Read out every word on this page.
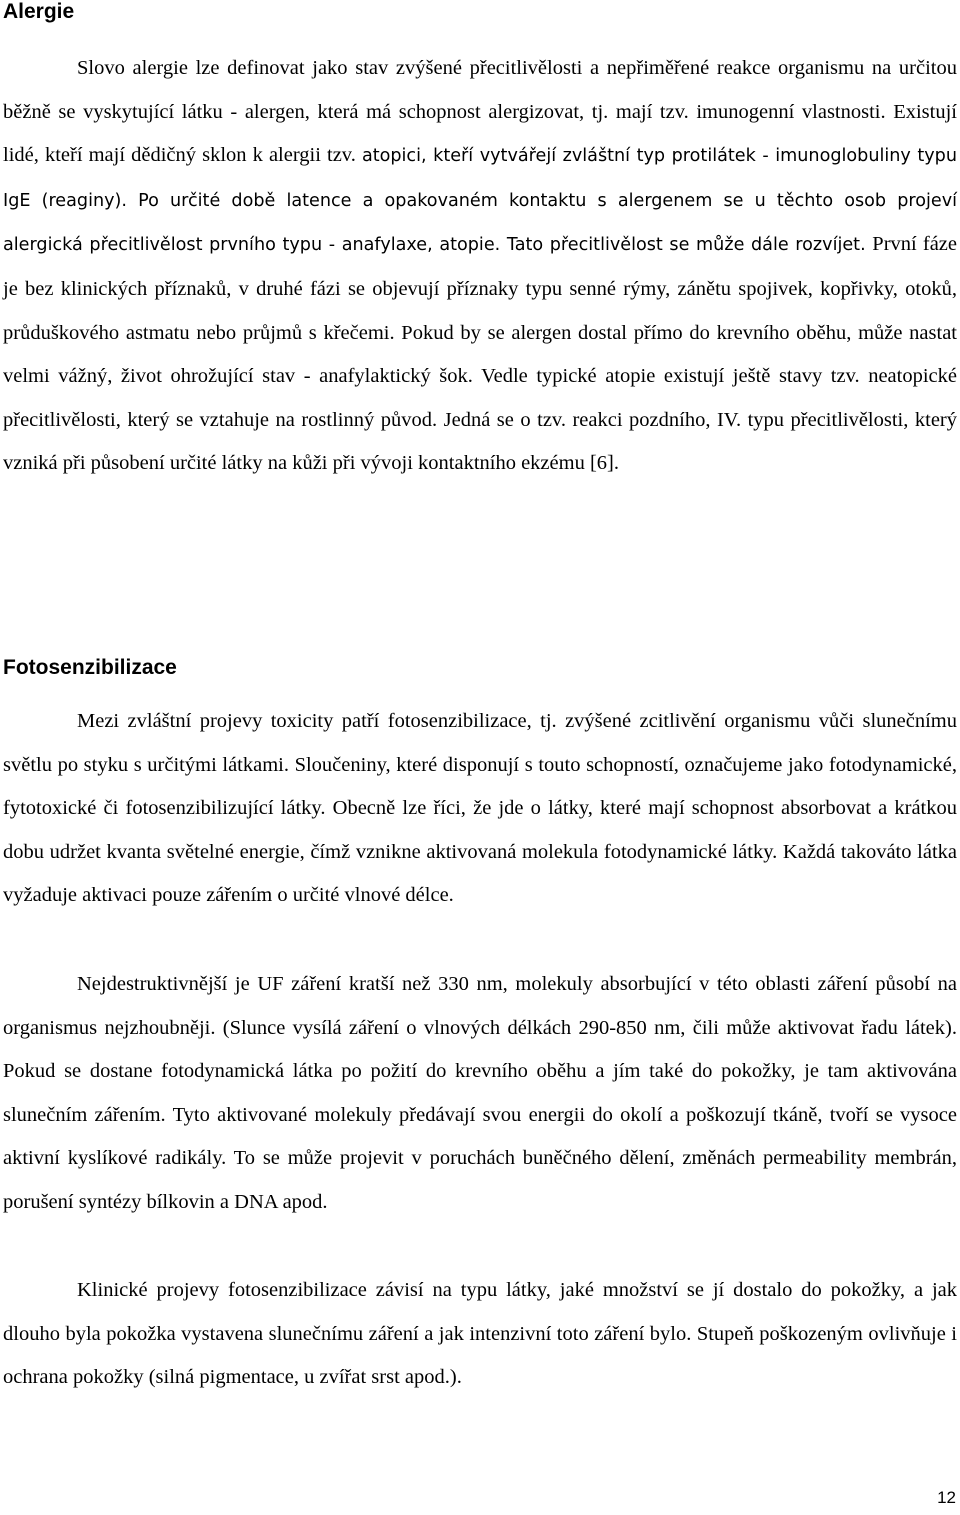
Alergie

Slovo alergie lze definovat jako stav zvýšené přecitlivělosti a nepřiměřené reakce organismu na určitou běžně se vyskytující látku - alergen, která má schopnost alergizovat, tj. mají tzv. imunogenní vlastnosti. Existují lidé, kteří mají dědičný sklon k alergii tzv. atopici, kteří vytvářejí zvláštní typ protilátek - imunoglobuliny typu IgE (reaginy). Po určité době latence a opakovaném kontaktu s alergenem se u těchto osob projeví alergická přecitlivělost prvního typu - anafylaxe, atopie. Tato přecitlivělost se může dále rozvíjet. První fáze je bez klinických příznaků, v druhé fázi se objevují příznaky typu senné rýmy, zánětu spojivek, kopřivky, otoků, průduškového astmatu nebo průjmů s křečemi. Pokud by se alergen dostal přímo do krevního oběhu, může nastat velmi vážný, život ohrožující stav - anafylaktický šok. Vedle typické atopie existují ještě stavy tzv. neatopické přecitlivělosti, který se vztahuje na rostlinný původ. Jedná se o tzv. reakci pozdního, IV. typu přecitlivělosti, který vzniká při působení určité látky na kůži při vývoji kontaktního ekzému [6].

Fotosenzibilizace

Mezi zvláštní projevy toxicity patří fotosenzibilizace, tj. zvýšené zcitlivění organismu vůči slunečnímu světlu po styku s určitými látkami. Sloučeniny, které disponují s touto schopností, označujeme jako fotodynamické, fytotoxické či fotosenzibilizující látky. Obecně lze říci, že jde o látky, které mají schopnost absorbovat a krátkou dobu udržet kvanta světelné energie, čímž vznikne aktivovaná molekula fotodynamické látky. Každá takováto látka vyžaduje aktivaci pouze zářením o určité vlnové délce.

Nejdestruktivnější je UF záření kratší než 330 nm, molekuly absorbující v této oblasti záření působí na organismus nejzhoubněji. (Slunce vysílá záření o vlnových délkách 290-850 nm, čili může aktivovat řadu látek). Pokud se dostane fotodynamická látka po požití do krevního oběhu a jím také do pokožky, je tam aktivována slunečním zářením. Tyto aktivované molekuly předávají svou energii do okolí a poškozují tkáně, tvoří se vysoce aktivní kyslíkové radikály. To se může projevit v poruchách buněčného dělení, změnách permeability membrán, porušení syntézy bílkovin a DNA apod.

Klinické projevy fotosenzibilizace závisí na typu látky, jaké množství se jí dostalo do pokožky, a jak dlouho byla pokožka vystavena slunečnímu záření a jak intenzivní toto záření bylo. Stupeň poškozeným ovlivňuje i ochrana pokožky (silná pigmentace, u zvířat srst apod.).

12
